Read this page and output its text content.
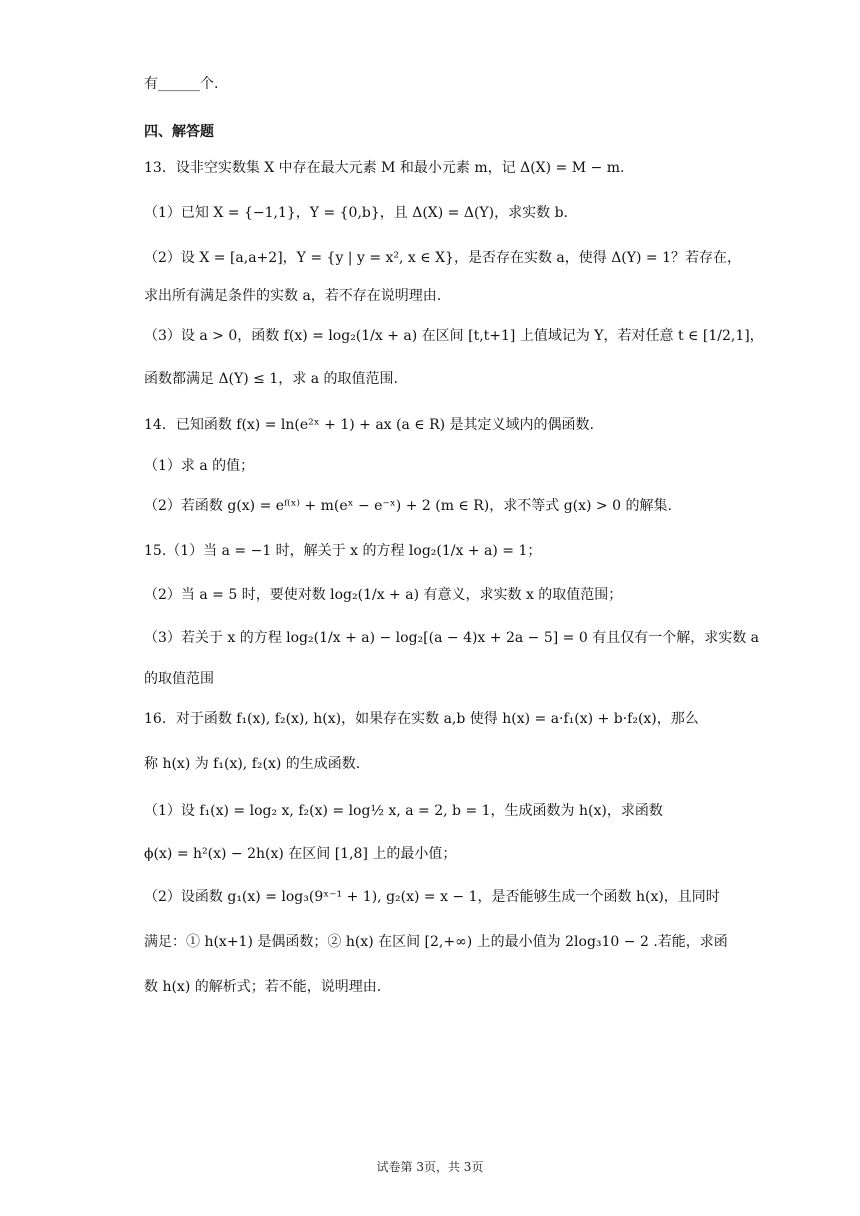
有______个.
四、解答题
13．设非空实数集 X 中存在最大元素 M 和最小元素 m，记 Δ(X) = M − m.
（1）已知 X = {−1,1}，Y = {0,b}，且 Δ(X) = Δ(Y)，求实数 b.
（2）设 X = [a,a+2]，Y = {y | y = x², x ∈ X}，是否存在实数 a，使得 Δ(Y) = 1？若存在，
求出所有满足条件的实数 a，若不存在说明理由.
（3）设 a > 0，函数 f(x) = log₂(1/x + a) 在区间 [t,t+1] 上值域记为 Y，若对任意 t ∈ [1/2,1]，
函数都满足 Δ(Y) ≤ 1，求 a 的取值范围.
14．已知函数 f(x) = ln(e²ˣ + 1) + ax (a ∈ R) 是其定义域内的偶函数.
（1）求 a 的值；
（2）若函数 g(x) = eᶠ⁽ˣ⁾ + m(eˣ − e⁻ˣ) + 2 (m ∈ R)，求不等式 g(x) > 0 的解集.
15.（1）当 a = −1 时，解关于 x 的方程 log₂(1/x + a) = 1；
（2）当 a = 5 时，要使对数 log₂(1/x + a) 有意义，求实数 x 的取值范围；
（3）若关于 x 的方程 log₂(1/x + a) − log₂[(a − 4)x + 2a − 5] = 0 有且仅有一个解，求实数 a
的取值范围
16．对于函数 f₁(x), f₂(x), h(x)，如果存在实数 a,b 使得 h(x) = a·f₁(x) + b·f₂(x)，那么
称 h(x) 为 f₁(x), f₂(x) 的生成函数.
（1）设 f₁(x) = log₂ x, f₂(x) = log½ x, a = 2, b = 1，生成函数为 h(x)，求函数
ϕ(x) = h²(x) − 2h(x) 在区间 [1,8] 上的最小值；
（2）设函数 g₁(x) = log₃(9ˣ⁻¹ + 1), g₂(x) = x − 1，是否能够生成一个函数 h(x)，且同时
满足：① h(x+1) 是偶函数；② h(x) 在区间 [2,+∞) 上的最小值为 2log₃10 − 2 .若能，求函
数 h(x) 的解析式；若不能，说明理由.
试卷第 3页，共 3页
